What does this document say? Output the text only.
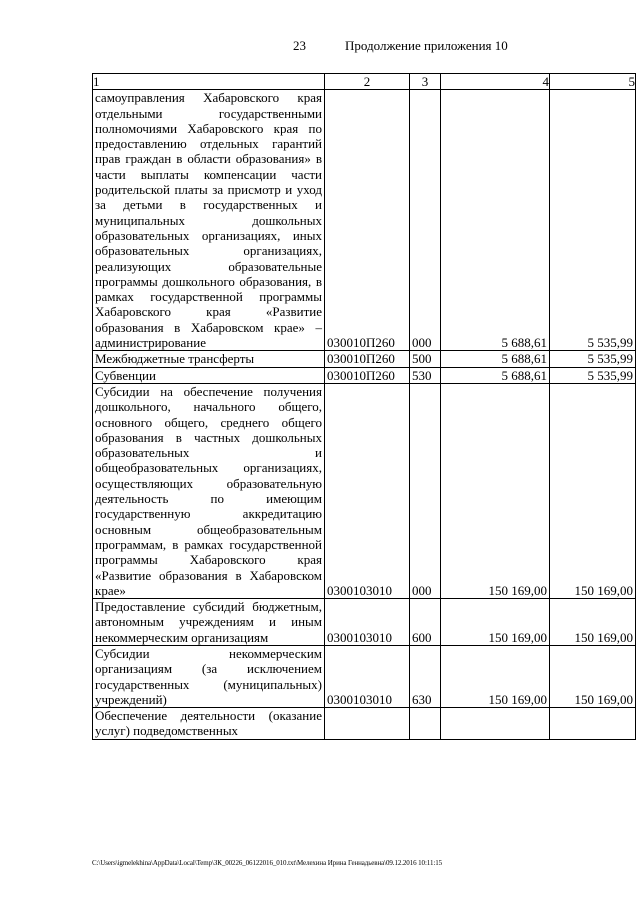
23	Продолжение приложения 10
1	2	3	4	5

самоуправления Хабаровского края отдельными государственными полномочиями Хабаровского края по предоставлению отдельных гарантий прав граждан в области образования» в части выплаты компенсации части родительской платы за присмотр и уход за детьми в государственных и муниципальных дошкольных образовательных организациях, иных образовательных организациях, реализующих образовательные программы дошкольного образования, в рамках государственной программы Хабаровского края «Развитие образования в Хабаровском крае» – администрирование	030010П260	000	5 688,61	5 535,99

Межбюджетные трансферты	030010П260	500	5 688,61	5 535,99

Субвенции	030010П260	530	5 688,61	5 535,99

Субсидии на обеспечение получения дошкольного, начального общего, основного общего, среднего общего образования в частных дошкольных образовательных и общеобразовательных организациях, осуществляющих образовательную деятельность по имеющим государственную аккредитацию основным общеобразовательным программам, в рамках государственной программы Хабаровского края «Развитие образования в Хабаровском крае»	0300103010	000	150 169,00	150 169,00

Предоставление субсидий бюджетным, автономным учреждениям и иным некоммерческим организациям	0300103010	600	150 169,00	150 169,00

Субсидии некоммерческим организациям (за исключением государственных (муниципальных) учреждений)	0300103010	630	150 169,00	150 169,00

Обеспечение деятельности (оказание услуг) подведомственных				

C:\Users\igmelekhina\AppData\Local\Temp\ЗК_00226_06122016_010.txt\Мелехина Ирина Геннадьевна\09.12.2016 10:11:15
